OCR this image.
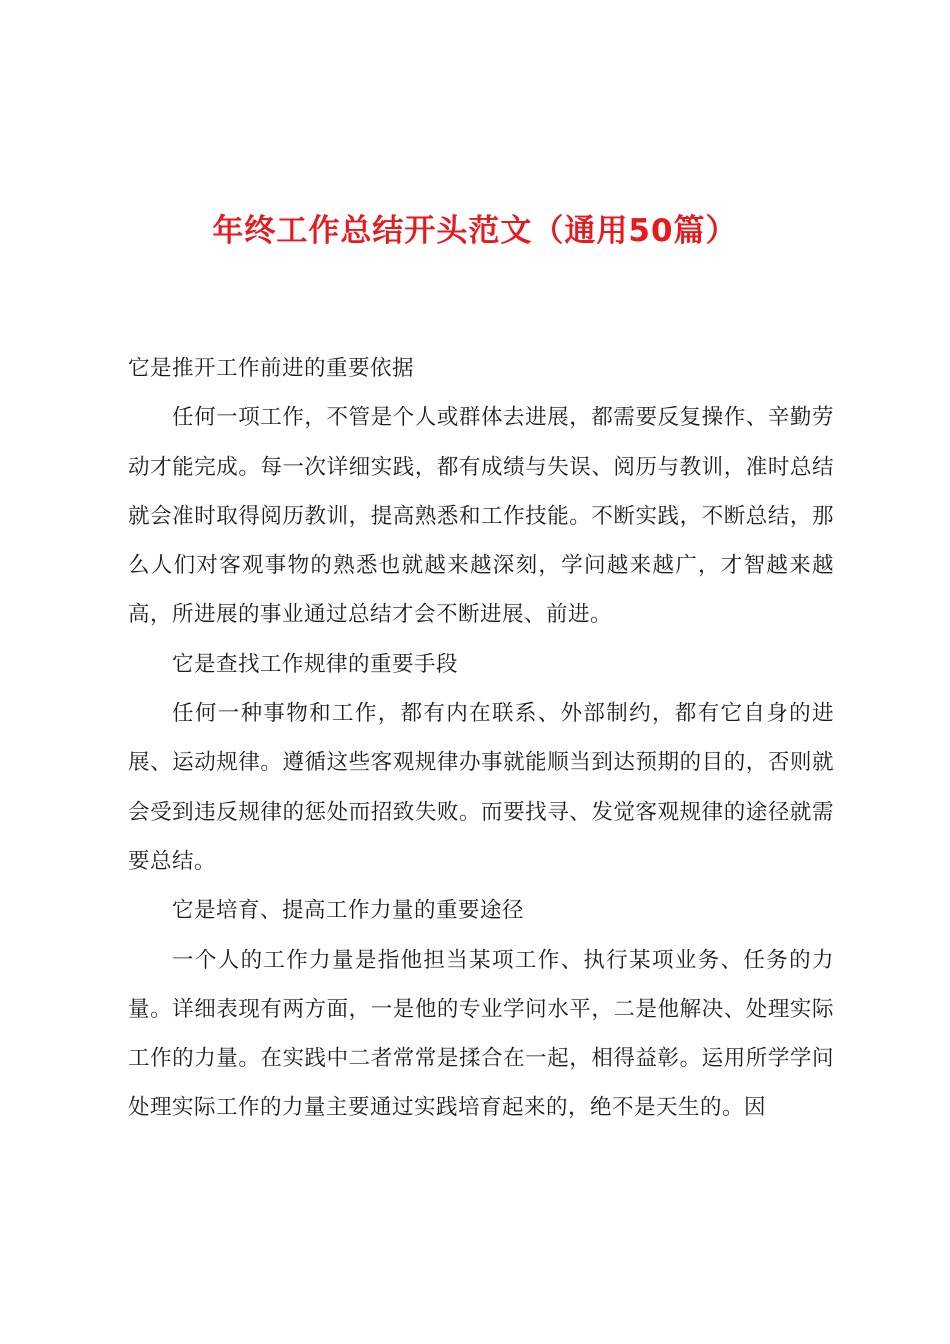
年终工作总结开头范文（通用50篇）

它是推开工作前进的重要依据

任何一项工作，不管是个人或群体去进展，都需要反复操作、辛勤劳动才能完成。每一次详细实践，都有成绩与失误、阅历与教训，准时总结就会准时取得阅历教训，提高熟悉和工作技能。不断实践，不断总结，那么人们对客观事物的熟悉也就越来越深刻，学问越来越广，才智越来越高，所进展的事业通过总结才会不断进展、前进。

它是查找工作规律的重要手段

任何一种事物和工作，都有内在联系、外部制约，都有它自身的进展、运动规律。遵循这些客观规律办事就能顺当到达预期的目的，否则就会受到违反规律的惩处而招致失败。而要找寻、发觉客观规律的途径就需要总结。

它是培育、提高工作力量的重要途径

一个人的工作力量是指他担当某项工作、执行某项业务、任务的力量。详细表现有两方面，一是他的专业学问水平，二是他解决、处理实际工作的力量。在实践中二者常常是揉合在一起，相得益彰。运用所学学问处理实际工作的力量主要通过实践培育起来的，绝不是天生的。因
